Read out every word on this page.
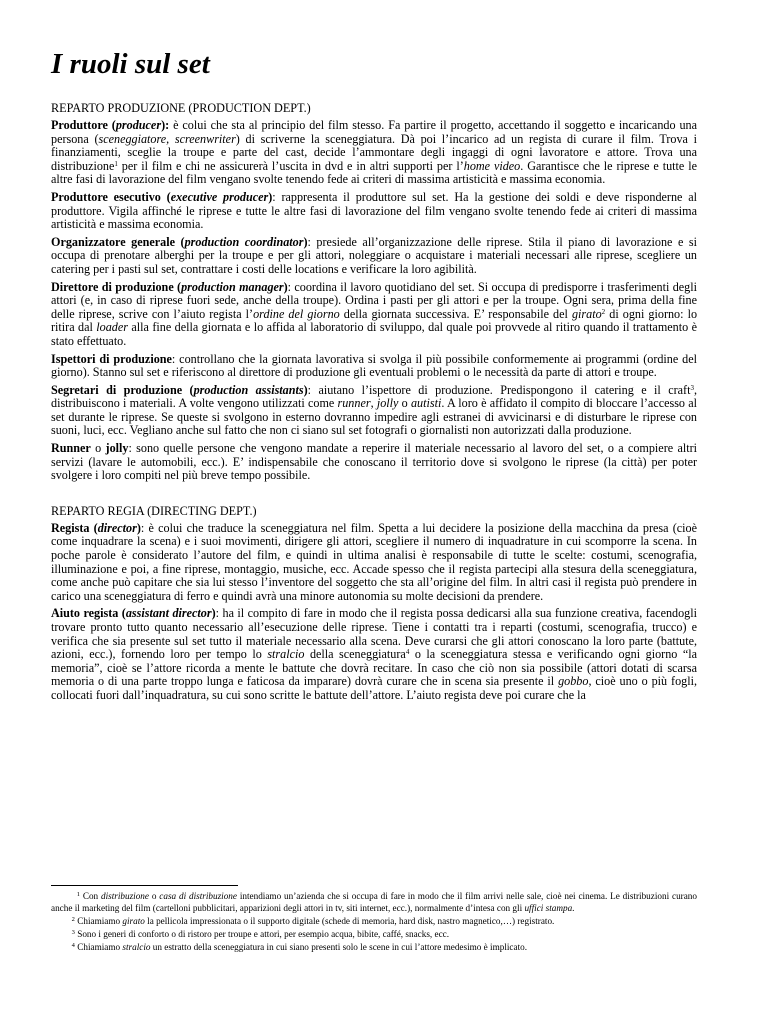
I ruoli sul set
REPARTO PRODUZIONE (PRODUCTION DEPT.)

Produttore (producer): è colui che sta al principio del film stesso. Fa partire il progetto, accettando il soggetto e incaricando una persona (sceneggiatore, screenwriter) di scriverne la sceneggiatura. Dà poi l’incarico ad un regista di curare il film. Trova i finanziamenti, sceglie la troupe e parte del cast, decide l’ammontare degli ingaggi di ogni lavoratore e attore. Trova una distribuzione$^1$ per il film e chi ne assicurerà l’uscita in dvd e in altri supporti per l’home video. Garantisce che le riprese e tutte le altre fasi di lavorazione del film vengano svolte tenendo fede ai criteri di massima artisticità e massima economia.

Produttore esecutivo (executive producer): rappresenta il produttore sul set. Ha la gestione dei soldi e deve risponderne al produttore. Vigila affinché le riprese e tutte le altre fasi di lavorazione del film vengano svolte tenendo fede ai criteri di massima artisticità e massima economia.

Organizzatore generale (production coordinator): presiede all’organizzazione delle riprese. Stila il piano di lavorazione e si occupa di prenotare alberghi per la troupe e per gli attori, noleggiare o acquistare i materiali necessari alle riprese, scegliere un catering per i pasti sul set, contrattare i costi delle locations e verificare la loro agibilità.

Direttore di produzione (production manager): coordina il lavoro quotidiano del set. Si occupa di predisporre i trasferimenti degli attori (e, in caso di riprese fuori sede, anche della troupe). Ordina i pasti per gli attori e per la troupe. Ogni sera, prima della fine delle riprese, scrive con l’aiuto regista l’ordine del giorno della giornata successiva. E’ responsabile del girato$^2$ di ogni giorno: lo ritira dal loader alla fine della giornata e lo affida al laboratorio di sviluppo, dal quale poi provvede al ritiro quando il trattamento è stato effettuato.

Ispettori di produzione: controllano che la giornata lavorativa si svolga il più possibile conformemente ai programmi (ordine del giorno). Stanno sul set e riferiscono al direttore di produzione gli eventuali problemi o le necessità da parte di attori e troupe.

Segretari di produzione (production assistants): aiutano l’ispettore di produzione. Predispongono il catering e il craft$^3$, distribuiscono i materiali. A volte vengono utilizzati come runner, jolly o autisti. A loro è affidato il compito di bloccare l’accesso al set durante le riprese. Se queste si svolgono in esterno dovranno impedire agli estranei di avvicinarsi e di disturbare le riprese con suoni, luci, ecc. Vegliano anche sul fatto che non ci siano sul set fotografi o giornalisti non autorizzati dalla produzione.

Runner o jolly: sono quelle persone che vengono mandate a reperire il materiale necessario al lavoro del set, o a compiere altri servizi (lavare le automobili, ecc.). E’ indispensabile che conoscano il territorio dove si svolgono le riprese (la città) per poter svolgere i loro compiti nel più breve tempo possibile.

REPARTO REGIA (DIRECTING DEPT.)

Regista (director): è colui che traduce la sceneggiatura nel film. Spetta a lui decidere la posizione della macchina da presa (cioè come inquadrare la scena) e i suoi movimenti, dirigere gli attori, scegliere il numero di inquadrature in cui scomporre la scena. In poche parole è considerato l’autore del film, e quindi in ultima analisi è responsabile di tutte le scelte: costumi, scenografia, illuminazione e poi, a fine riprese, montaggio, musiche, ecc. Accade spesso che il regista partecipi alla stesura della sceneggiatura, come anche può capitare che sia lui stesso l’inventore del soggetto che sta all’origine del film. In altri casi il regista può prendere in carico una sceneggiatura di ferro e quindi avrà una minore autonomia su molte decisioni da prendere.

Aiuto regista (assistant director): ha il compito di fare in modo che il regista possa dedicarsi alla sua funzione creativa, facendogli trovare pronto tutto quanto necessario all’esecuzione delle riprese. Tiene i contatti tra i reparti (costumi, scenografia, trucco) e verifica che sia presente sul set tutto il materiale necessario alla scena. Deve curarsi che gli attori conoscano la loro parte (battute, azioni, ecc.), fornendo loro per tempo lo stralcio della sceneggiatura$^4$ o la sceneggiatura stessa e verificando ogni giorno “la memoria”, cioè se l’attore ricorda a mente le battute che dovrà recitare. In caso che ciò non sia possibile (attori dotati di scarsa memoria o di una parte troppo lunga e faticosa da imparare) dovrà curare che in scena sia presente il gobbo, cioè uno o più fogli, collocati fuori dall’inquadratura, su cui sono scritte le battute dell’attore. L’aiuto regista deve poi curare che la

$^1$ Con distribuzione o casa di distribuzione intendiamo un’azienda che si occupa di fare in modo che il film arrivi nelle sale, cioè nei cinema. Le distribuzioni curano anche il marketing del film (cartelloni pubblicitari, apparizioni degli attori in tv, siti internet, ecc.), normalmente d’intesa con gli uffici stampa.

$^2$ Chiamiamo girato la pellicola impressionata o il supporto digitale (schede di memoria, hard disk, nastro magnetico,…) registrato.

$^3$ Sono i generi di conforto o di ristoro per troupe e attori, per esempio acqua, bibite, caffé, snacks, ecc.

$^4$ Chiamiamo stralcio un estratto della sceneggiatura in cui siano presenti solo le scene in cui l’attore medesimo è implicato.
